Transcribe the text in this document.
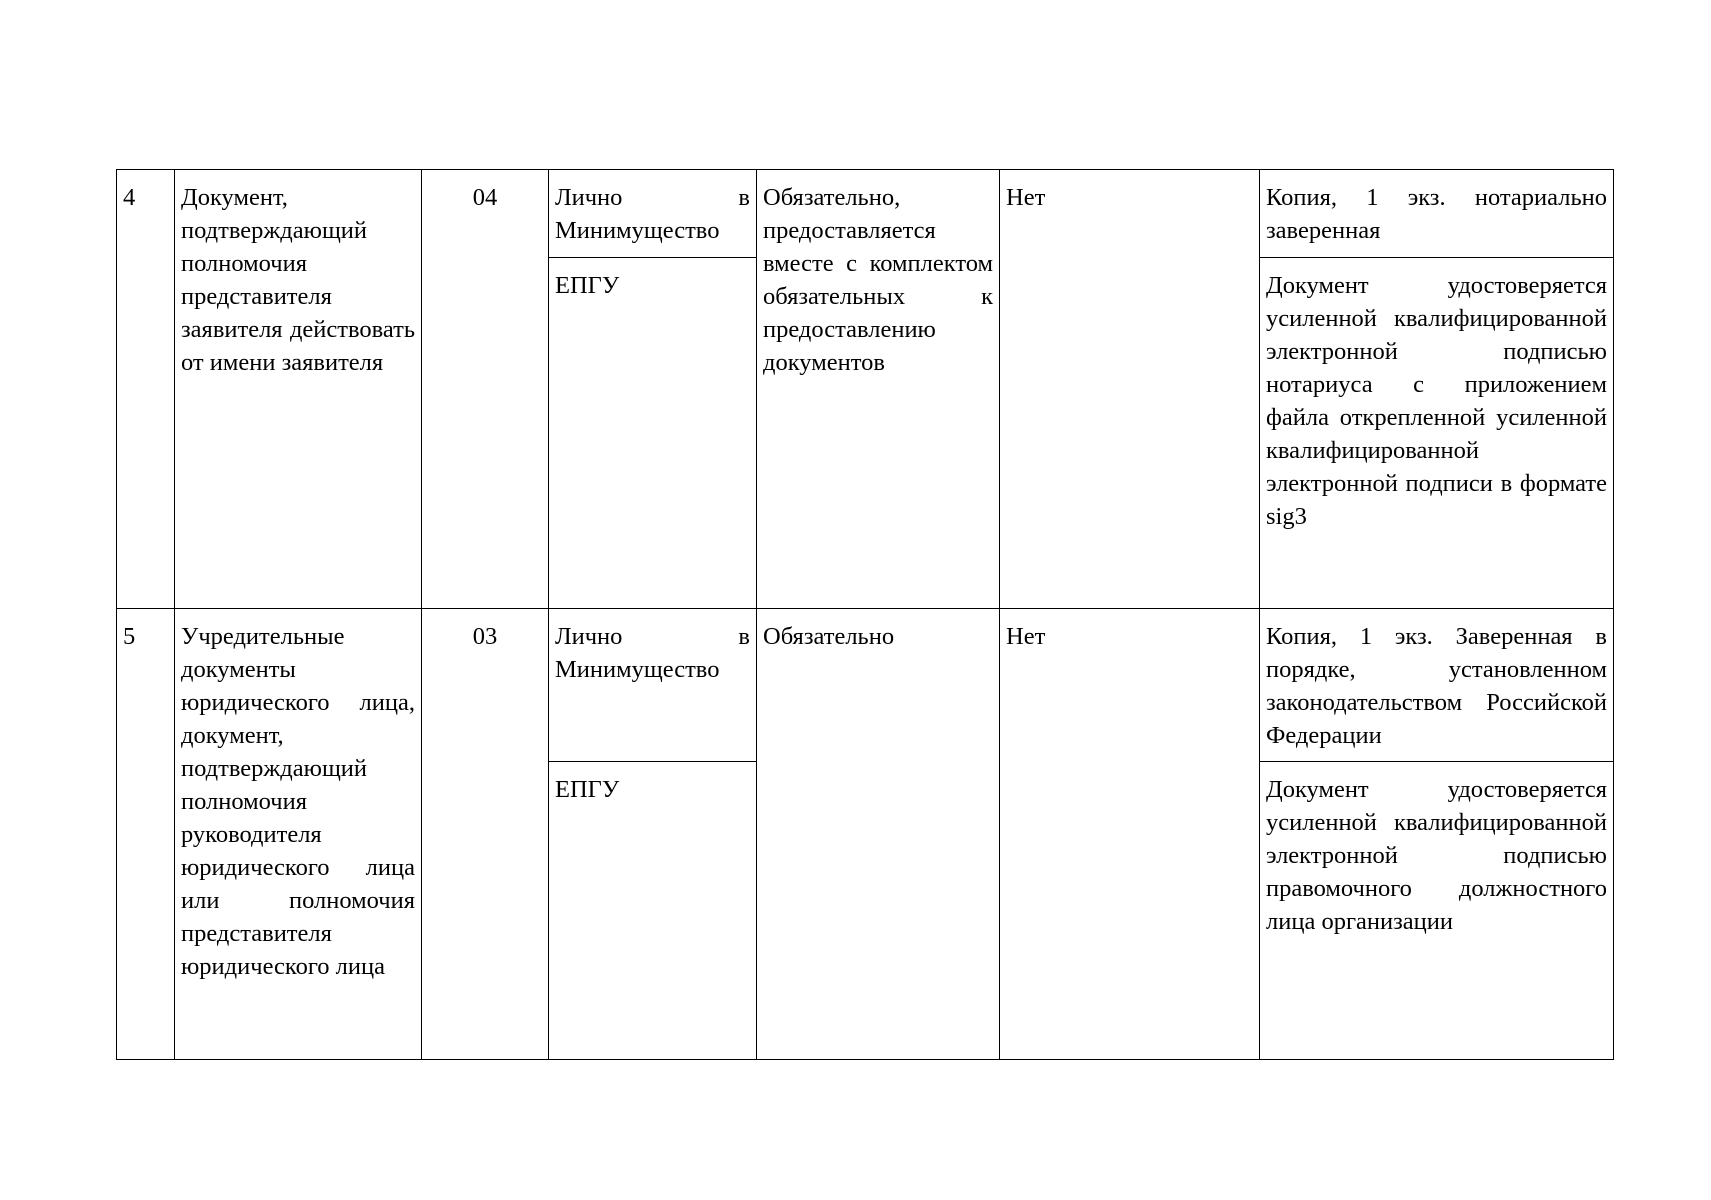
4	Документ, подтверждающий полномочия представителя заявителя действовать от имени заявителя	04	Лично в Минимущество	Обязательно, предоставляется вместе с комплектом обязательных к предоставлению документов	Нет	Копия, 1 экз. нотариально заверенная
			ЕПГУ			Документ удостоверяется усиленной квалифицированной электронной подписью нотариуса с приложением файла открепленной усиленной квалифицированной электронной подписи в формате sig3
5	Учредительные документы юридического лица, документ, подтверждающий полномочия руководителя юридического лица или полномочия представителя юридического лица	03	Лично в Минимущество	Обязательно	Нет	Копия, 1 экз. Заверенная в порядке, установленном законодательством Российской Федерации
			ЕПГУ			Документ удостоверяется усиленной квалифицированной электронной подписью правомочного должностного лица организации
